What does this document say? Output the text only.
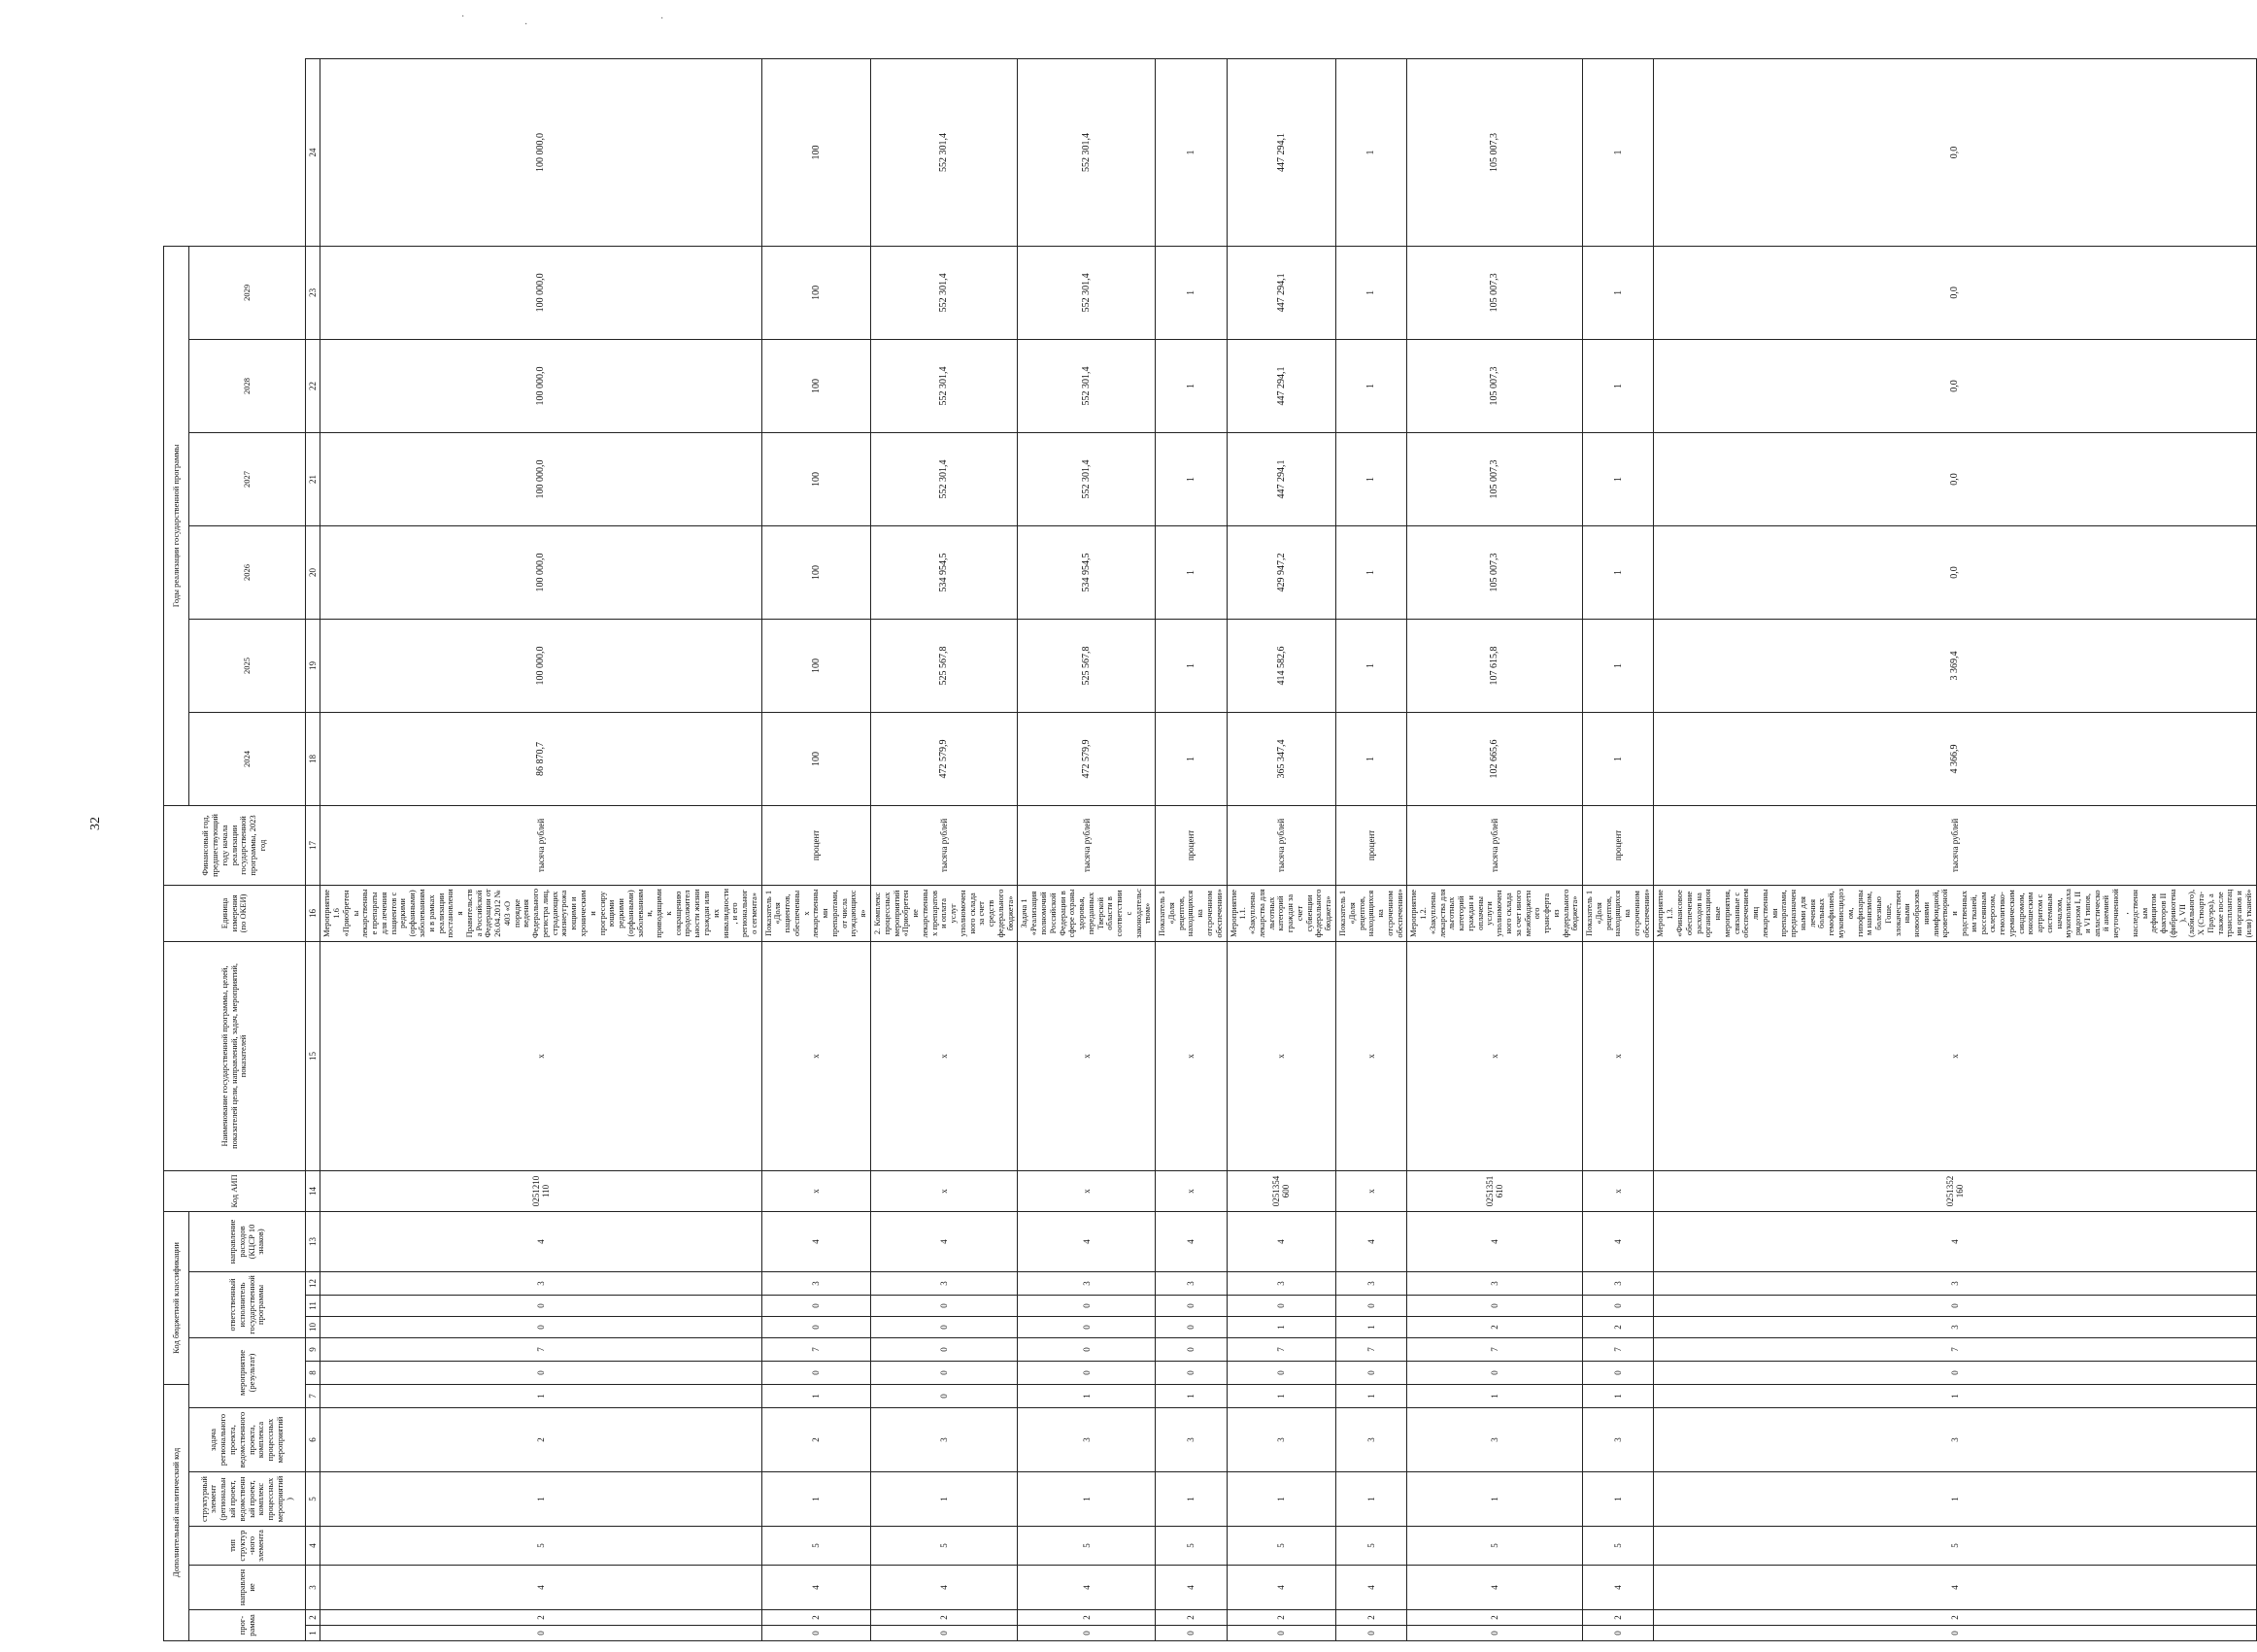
32
·
·
·
Дополнительный аналитический код							Код бюджетной классификации						Код АИП	Наименование государственной программы, целей, показателей цели, направлений, задач, мероприятий, показателей	Единица измерения (по ОКЕИ)	Финансовый год, предшествующий году начала реализации государственной программы, 2023 год	Годы реализации государственной программы						
прог-рамма		направление	тип структур-ного элемента	структурный элемент (региональный проект, ведомственный проект, комплекс процессных мероприятий)	задача регионального проекта, ведомственного проекта, комплекса процессных мероприятий	мероприятие (результат)			ответственный исполнитель государственной программы			направление расходов (КЦСР 10 знаков)					2024	2025	2026	2027	2028	2029	
1	2	3	4	5	6	7	8	9	10	11	12	13	14	15	16	17	18	19	20	21	22	23	24
0	2	4	5	1	2	1	0	7	0	0	3	4	0251210110	x	Мероприятие 1.6 «Приобретены лекарственные препараты для лечения пациентов с редкими (орфанными) заболеваниями в рамках реализации постановления Правительства Российской Федерации от 26.04.2012 № 403 «О порядке ведения Федерального регистра лиц, страдающих жизнеугрожающими и хроническими прогрессирующими редкими (орфанными) заболеваниями, приводящими к сокращению продолжительности жизни граждан или их инвалидности, и его регионального сегмента»	тысяча рублей	86 870,7	100 000,0	100 000,0	100 000,0	100 000,0	100 000,0	100 000,0
0	2	4	5	1	2	1	0	7	0	0	3	4	x	x	Показатель 1 «Доля пациентов, обеспеченных лекарственными препаратами, от числа нуждающихся»	процент	100	100	100	100	100	100	100
0	2	4	5	1	3	0	0	0	0	0	3	4	x	x	2. Комплекс процессных мероприятий «Приобретение лекарственных препаратов и оплата услуг уполномоченного склада за счет средств федерального бюджета»	тысяча рублей	472 579,9	525 567,8	534 954,5	552 301,4	552 301,4	552 301,4	552 301,4
0	2	4	5	1	3	1	0	0	0	0	3	4	x	x	Задача 1 «Реализация полномочий Российской Федерации в сфере охраны здоровья, переданных Тверской области в соответствии с законодательством»	тысяча рублей	472 579,9	525 567,8	534 954,5	552 301,4	552 301,4	552 301,4	552 301,4
0	2	4	5	1	3	1	0	0	0	0	3	4	x	x	Показатель 1 «Доля рецептов, находящихся на отсроченном обеспечении»	процент	1	1	1	1	1	1	1
0	2	4	5	1	3	1	0	7	1	0	3	4	0251354600	x	Мероприятие 1.1. «Закуплены лекарства для льготных категорий граждан за счет субвенции федерального бюджета»	тысяча рублей	365 347,4	414 582,6	429 947,2	447 294,1	447 294,1	447 294,1	447 294,1
0	2	4	5	1	3	1	0	7	1	0	3	4	x	x	Показатель 1 «Доля рецептов, находящихся на отсроченном обеспечении»	процент	1	1	1	1	1	1	1
0	2	4	5	1	3	1	0	7	2	0	3	4	0251351610	x	Мероприятие 1.2. «Закуплены лекарства для льготных категорий граждан и оплачены услуги уполномоченного склада за счет иного межбюджетного трансферта из федерального бюджета»	тысяча рублей	102 665,6	107 615,8	105 007,3	105 007,3	105 007,3	105 007,3	105 007,3
0	2	4	5	1	3	1	0	7	2	0	3	4	x	x	Показатель 1 «Доля рецептов, находящихся на отсроченном обеспечении»	процент	1	1	1	1	1	1	1
0	2	4	5	1	3	1	0	7	3	0	3	4	0251352160	x	Мероприятие 1.3. «Финансовое обеспечение расходов на организационные мероприятия, связанные с обеспечением лиц лекарственными препаратами, предназначенными для лечения больных гемофилией, муковисцидозом, гипофизарным нанизмом, болезнью Гоше, злокачественными новообразованиями лимфоидной, кроветворной и родственных им тканей, рассеянным склерозом, гемолитико-уремическим синдромом, юношеским артритом с системным началом, мукополисахаридозом I, II и VI типов, апластической анемией неуточненной, наследственным дефицитом факторов II (фибриногена), VII (лабильного), X (Стюарта-Прауэра), а также после трансплантации органов и (или) тканей»	тысяча рублей	4 366,9	3 369,4	0,0	0,0	0,0	0,0	0,0
